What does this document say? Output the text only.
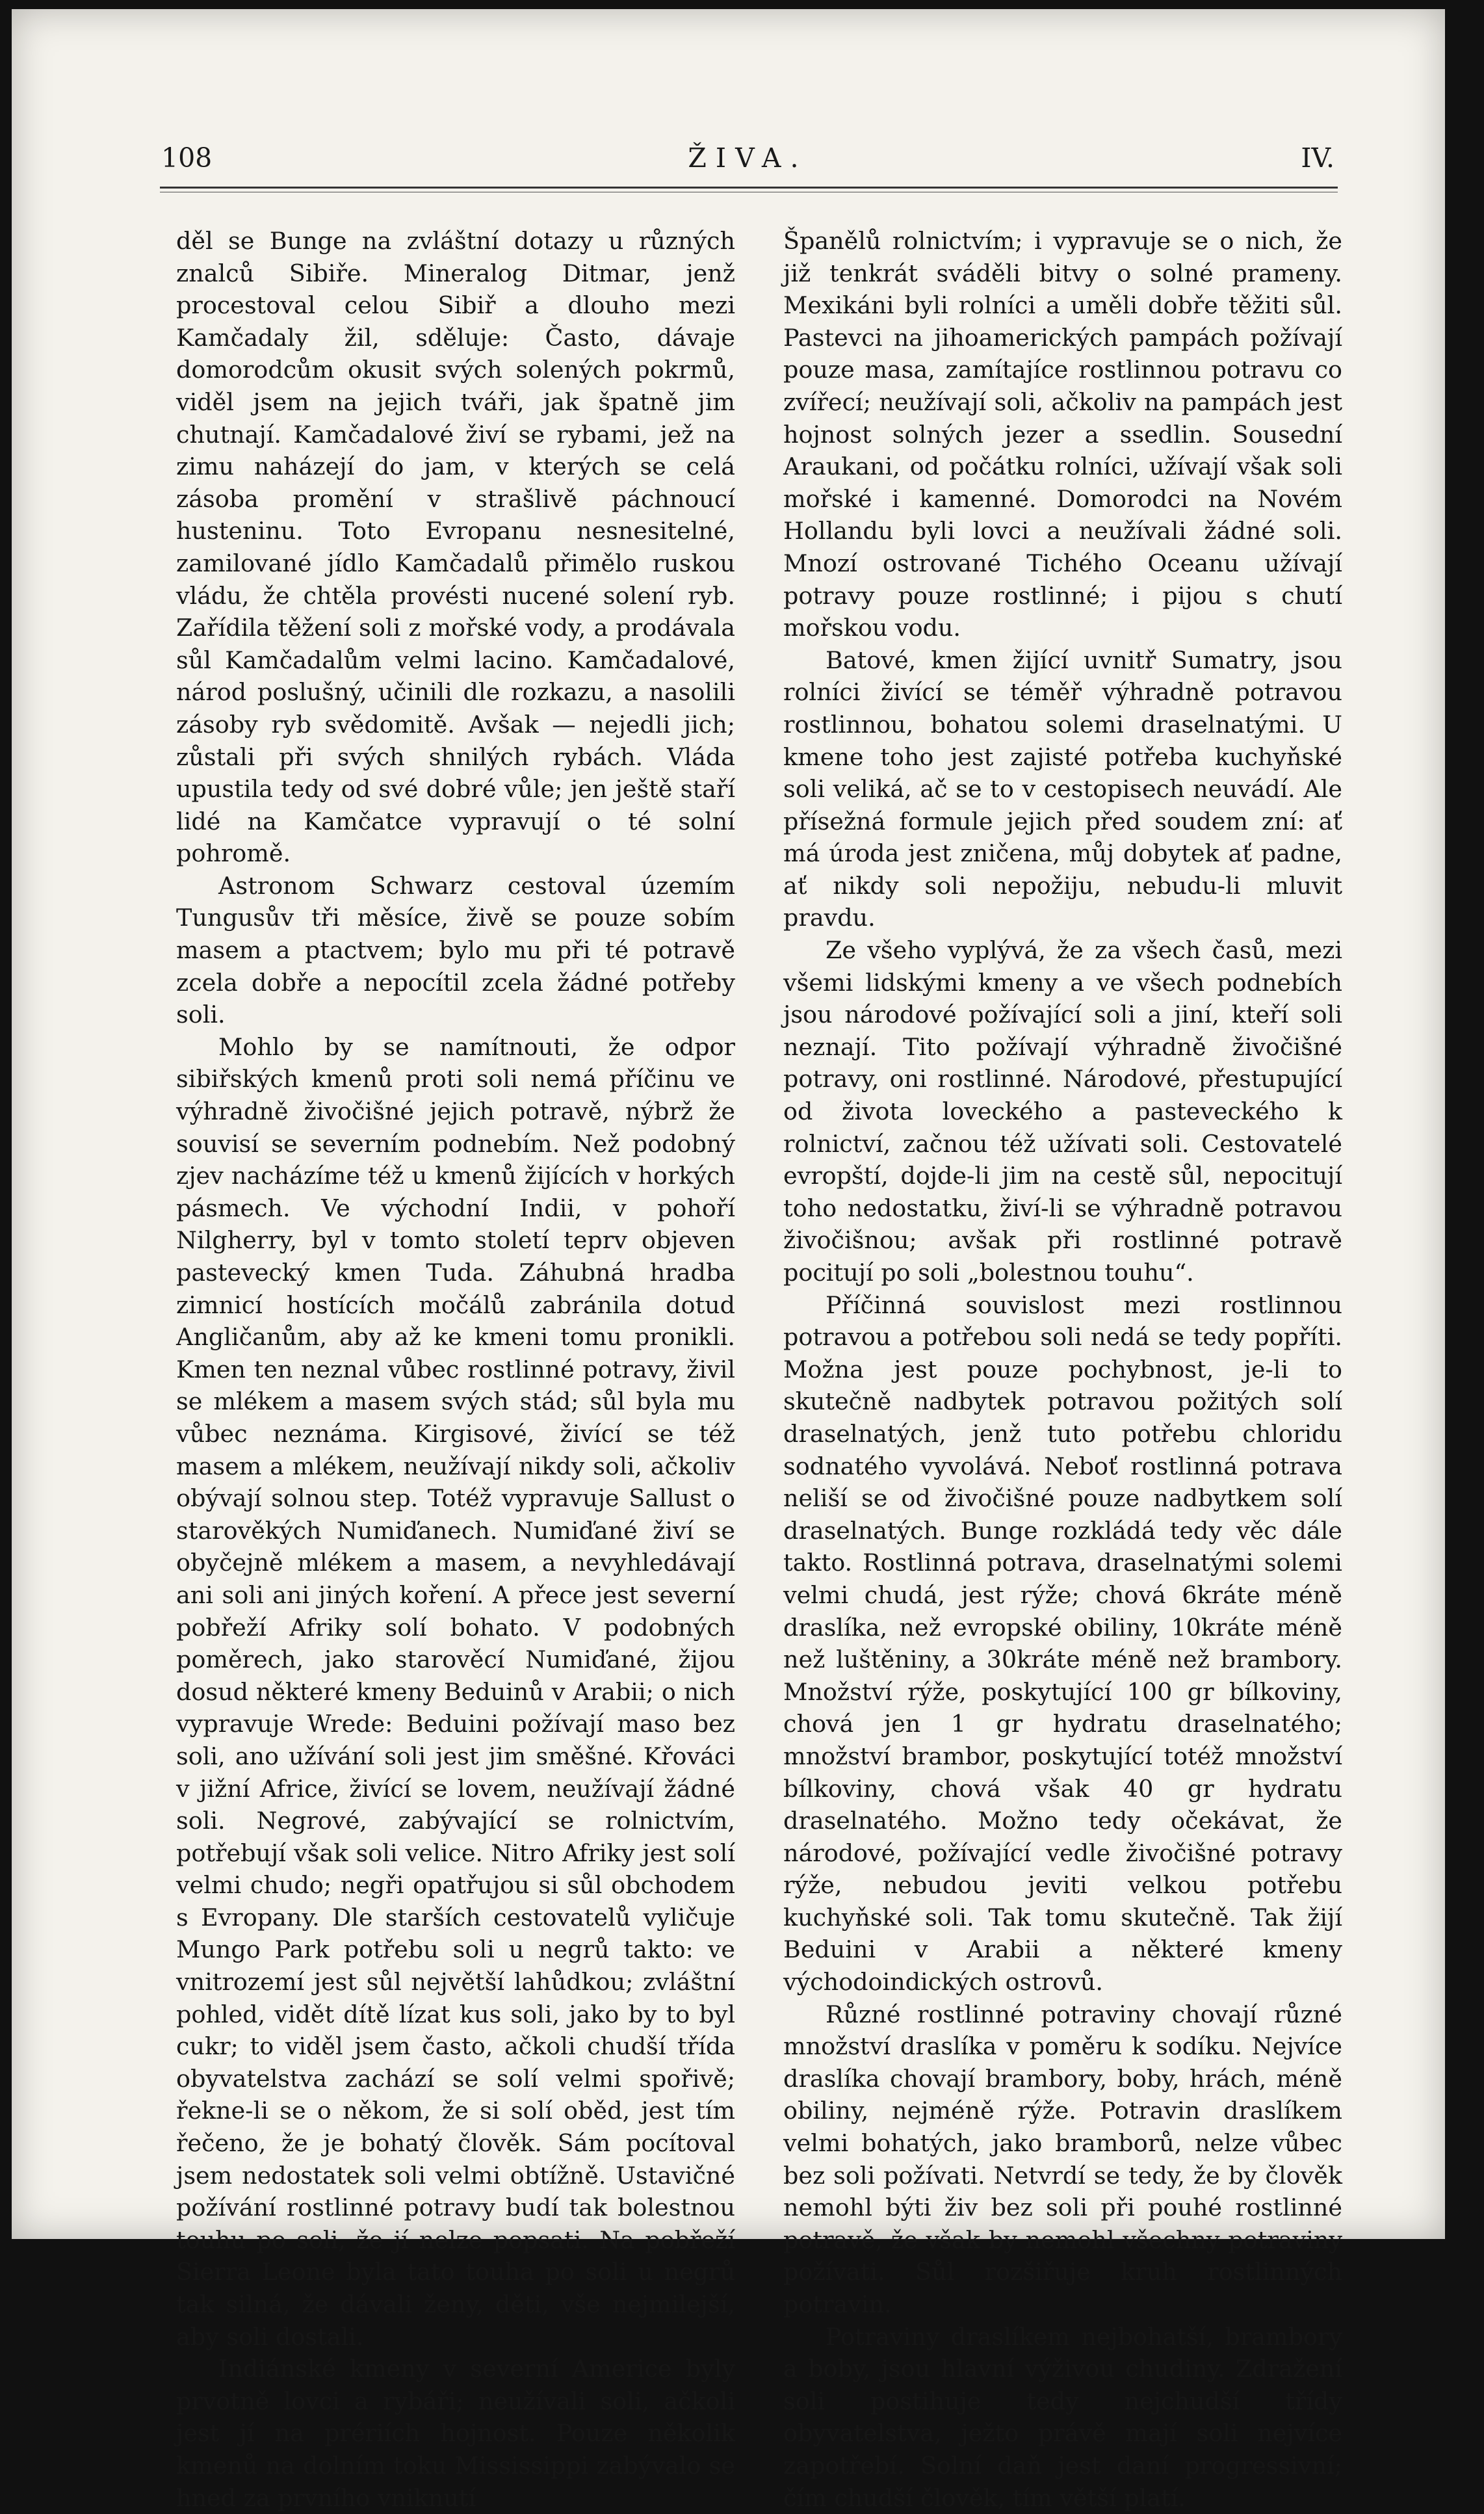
108	ŽIVA.	IV.

děl se Bunge na zvláštní dotazy u různých znalců Sibiře. Mineralog Ditmar, jenž procestoval celou Sibiř a dlouho mezi Kamčadaly žil, sděluje: Často, dávaje domorodcům okusit svých solených pokrmů, viděl jsem na jejich tváři, jak špatně jim chutnají. Kamčadalové živí se rybami, jež na zimu naházejí do jam, v kterých se celá zásoba promění v strašlivě páchnoucí husteninu. Toto Evropanu nesnesitelné, zamilované jídlo Kamčadalů přimělo ruskou vládu, že chtěla provésti nucené solení ryb. Zařídila těžení soli z mořské vody, a prodávala sůl Kamčadalům velmi lacino. Kamčadalové, národ poslušný, učinili dle rozkazu, a nasolili zásoby ryb svědomitě. Avšak — nejedli jich; zůstali při svých shnilých rybách. Vláda upustila tedy od své dobré vůle; jen ještě staří lidé na Kamčatce vypravují o té solní pohromě.

Astronom Schwarz cestoval územím Tungusův tři měsíce, živě se pouze sobím masem a ptactvem; bylo mu při té potravě zcela dobře a nepocítil zcela žádné potřeby soli.

Mohlo by se namítnouti, že odpor sibiřských kmenů proti soli nemá příčinu ve výhradně živočišné jejich potravě, nýbrž že souvisí se severním podnebím. Než podobný zjev nacházíme též u kmenů žijících v horkých pásmech. Ve východní Indii, v pohoří Nilgherry, byl v tomto století teprv objeven pastevecký kmen Tuda. Záhubná hradba zimnicí hostících močálů zabránila dotud Angličanům, aby až ke kmeni tomu pronikli. Kmen ten neznal vůbec rostlinné potravy, živil se mlékem a masem svých stád; sůl byla mu vůbec neznáma. Kirgisové, živící se též masem a mlékem, neužívají nikdy soli, ačkoliv obývají solnou step. Totéž vypravuje Sallust o starověkých Numiďanech. Numiďané živí se obyčejně mlékem a masem, a nevyhledávají ani soli ani jiných koření. A přece jest severní pobřeží Afriky solí bohato. V podobných poměrech, jako starověcí Numiďané, žijou dosud některé kmeny Beduinů v Arabii; o nich vypravuje Wrede: Beduini požívají maso bez soli, ano užívání soli jest jim směšné. Křováci v jižní Africe, živící se lovem, neužívají žádné soli. Negrové, zabývající se rolnictvím, potřebují však soli velice. Nitro Afriky jest solí velmi chudo; negři opatřujou si sůl obchodem s Evropany. Dle starších cestovatelů vyličuje Mungo Park potřebu soli u negrů takto: ve vnitrozemí jest sůl největší lahůdkou; zvláštní pohled, vidět dítě lízat kus soli, jako by to byl cukr; to viděl jsem často, ačkoli chudší třída obyvatelstva zachází se solí velmi spořivě; řekne-li se o někom, že si solí oběd, jest tím řečeno, že je bohatý člověk. Sám pocítoval jsem nedostatek soli velmi obtížně. Ustavičné požívání rostlinné potravy budí tak bolestnou touhu po soli, že jí nelze popsati. Na pobřeží Sierra Leone byla tato touha po soli u negrů tak silná, že dávali ženy, děti, vše nejmilejší, aby soli dostali.

Indiánské kmeny v severní Americe byly prvotně lovci a rybáři; neužívali soli, ačkoli jest jí na prériích hojnost. Pouze několik kmenů na dolním toku Mississippi zabývalo se hned za prvního vniknutí

Španělů rolnictvím; i vypravuje se o nich, že již tenkrát sváděli bitvy o solné prameny. Mexikáni byli rolníci a uměli dobře těžiti sůl. Pastevci na jihoamerických pampách požívají pouze masa, zamítajíce rostlinnou potravu co zvířecí; neužívají soli, ačkoliv na pampách jest hojnost solných jezer a ssedlin. Sousední Araukani, od počátku rolníci, užívají však soli mořské i kamenné. Domorodci na Novém Hollandu byli lovci a neužívali žádné soli. Mnozí ostrované Tichého Oceanu užívají potravy pouze rostlinné; i pijou s chutí mořskou vodu.

Batové, kmen žijící uvnitř Sumatry, jsou rolníci živící se téměř výhradně potravou rostlinnou, bohatou solemi draselnatými. U kmene toho jest zajisté potřeba kuchyňské soli veliká, ač se to v cestopisech neuvádí. Ale přísežná formule jejich před soudem zní: ať má úroda jest zničena, můj dobytek ať padne, ať nikdy soli nepožiju, nebudu-li mluvit pravdu.

Ze všeho vyplývá, že za všech časů, mezi všemi lidskými kmeny a ve všech podnebích jsou národové požívající soli a jiní, kteří soli neznají. Tito požívají výhradně živočišné potravy, oni rostlinné. Národové, přestupující od života loveckého a pasteveckého k rolnictví, začnou též užívati soli. Cestovatelé evropští, dojde-li jim na cestě sůl, nepocitují toho nedostatku, živí-li se výhradně potravou živočišnou; avšak při rostlinné potravě pocitují po soli „bolestnou touhu“.

Příčinná souvislost mezi rostlinnou potravou a potřebou soli nedá se tedy popříti. Možna jest pouze pochybnost, je-li to skutečně nadbytek potravou požitých solí draselnatých, jenž tuto potřebu chloridu sodnatého vyvolává. Neboť rostlinná potrava neliší se od živočišné pouze nadbytkem solí draselnatých. Bunge rozkládá tedy věc dále takto. Rostlinná potrava, draselnatými solemi velmi chudá, jest rýže; chová 6kráte méně draslíka, než evropské obiliny, 10kráte méně než luštěniny, a 30kráte méně než brambory. Množství rýže, poskytující 100 gr bílkoviny, chová jen 1 gr hydratu draselnatého; množství brambor, poskytující totéž množství bílkoviny, chová však 40 gr hydratu draselnatého. Možno tedy očekávat, že národové, požívající vedle živočišné potravy rýže, nebudou jeviti velkou potřebu kuchyňské soli. Tak tomu skutečně. Tak žijí Beduini v Arabii a některé kmeny východoindických ostrovů.

Různé rostlinné potraviny chovají různé množství draslíka v poměru k sodíku. Nejvíce draslíka chovají brambory, boby, hrách, méně obiliny, nejméně rýže. Potravin draslíkem velmi bohatých, jako bramborů, nelze vůbec bez soli požívati. Netvrdí se tedy, že by člověk nemohl býti živ bez soli při pouhé rostlinné potravě, že však by nemohl všechny potraviny požívati. Sůl rozšiřuje kruh rostlinných potravin.

Potraviny draslíkem nejbohatší, brambory a boby, jsou hlavní výživou chudiny. Zdražení soli postihuje tedy nejchudší třídy obyvatelstva, ježto právě mají soli nejvíce zapotřebí. Solní daň jest daní progressivní; čím chudší člověk, tím větší platí.
